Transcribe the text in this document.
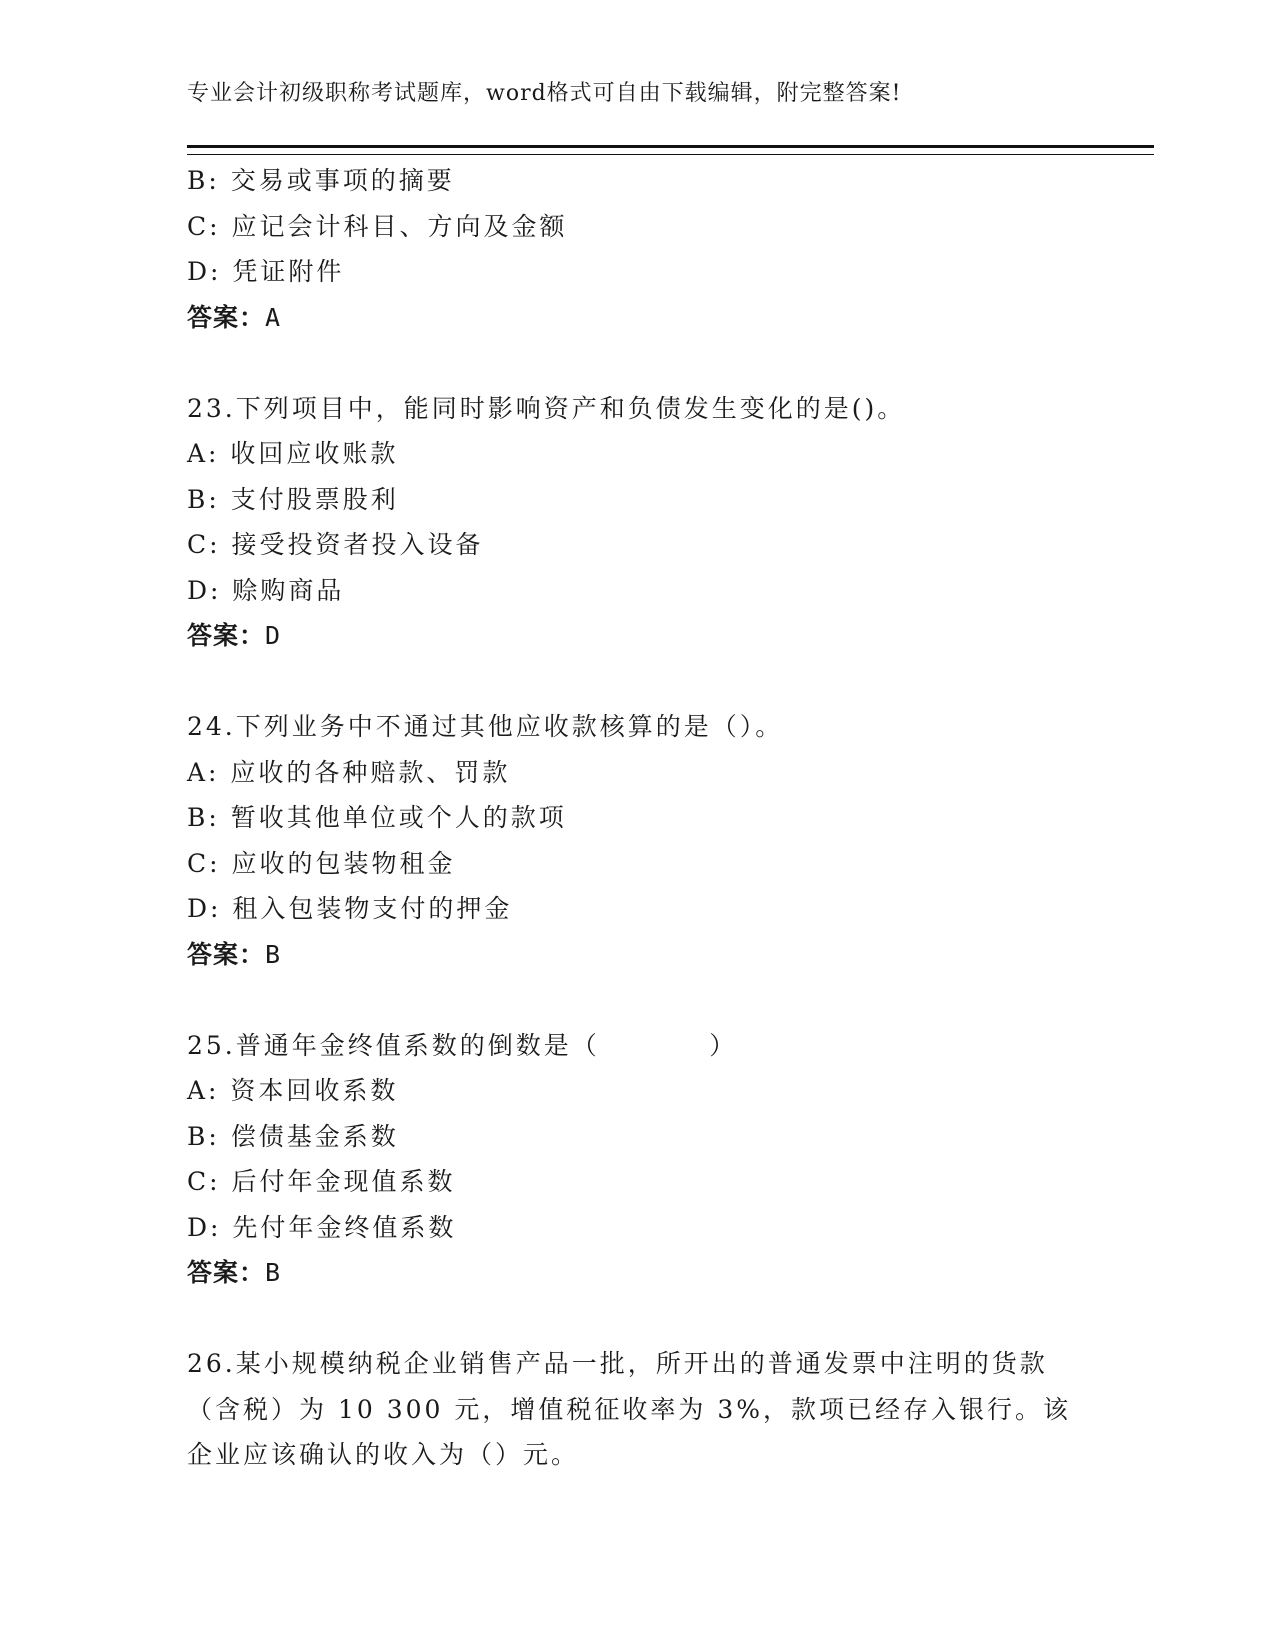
专业会计初级职称考试题库，word格式可自由下载编辑，附完整答案!
B: 交易或事项的摘要
C: 应记会计科目、方向及金额
D: 凭证附件
答案：A
23.下列项目中，能同时影响资产和负债发生变化的是()。
A: 收回应收账款
B: 支付股票股利
C: 接受投资者投入设备
D: 赊购商品
答案：D
24.下列业务中不通过其他应收款核算的是（）。
A: 应收的各种赔款、罚款
B: 暂收其他单位或个人的款项
C: 应收的包装物租金
D: 租入包装物支付的押金
答案：B
25.普通年金终值系数的倒数是（          ）
A: 资本回收系数
B: 偿债基金系数
C: 后付年金现值系数
D: 先付年金终值系数
答案：B
26.某小规模纳税企业销售产品一批，所开出的普通发票中注明的货款
（含税）为 10 300 元，增值税征收率为 3%，款项已经存入银行。该
企业应该确认的收入为（）元。
